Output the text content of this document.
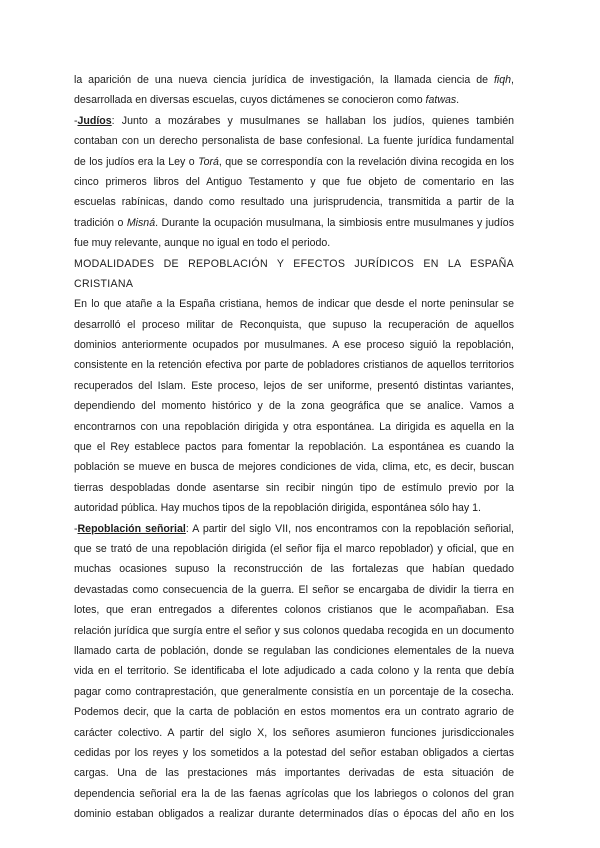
la aparición de una nueva ciencia jurídica de investigación, la llamada ciencia de fiqh,
desarrollada en diversas escuelas, cuyos dictámenes se conocieron como fatwas.
-Judíos: Junto a mozárabes y musulmanes se hallaban los judíos, quienes también
contaban con un derecho personalista de base confesional. La fuente jurídica fundamental
de los judíos era la Ley o Torá, que se correspondía con la revelación divina recogida en los
cinco primeros libros del Antiguo Testamento y que fue objeto de comentario en las
escuelas rabínicas, dando como resultado una jurisprudencia, transmitida a partir de la
tradición o Misná. Durante la ocupación musulmana, la simbiosis entre musulmanes y judíos
fue muy relevante, aunque no igual en todo el periodo.
MODALIDADES DE REPOBLACIÓN Y EFECTOS JURÍDICOS EN LA ESPAÑA
CRISTIANA
En lo que atañe a la España cristiana, hemos de indicar que desde el norte peninsular se
desarrolló el proceso militar de Reconquista, que supuso la recuperación de aquellos
dominios anteriormente ocupados por musulmanes. A ese proceso siguió la repoblación,
consistente en la retención efectiva por parte de pobladores cristianos de aquellos territorios
recuperados del Islam. Este proceso, lejos de ser uniforme, presentó distintas variantes,
dependiendo del momento histórico y de la zona geográfica que se analice. Vamos a
encontrarnos con una repoblación dirigida y otra espontánea. La dirigida es aquella en la
que el Rey establece pactos para fomentar la repoblación. La espontánea es cuando la
población se mueve en busca de mejores condiciones de vida, clima, etc, es decir, buscan
tierras despobladas donde asentarse sin recibir ningún tipo de estímulo previo por la
autoridad pública. Hay muchos tipos de la repoblación dirigida, espontánea sólo hay 1.
-Repoblación señorial: A partir del siglo VII, nos encontramos con la repoblación señorial,
que se trató de una repoblación dirigida (el señor fija el marco repoblador) y oficial, que en
muchas ocasiones supuso la reconstrucción de las fortalezas que habían quedado
devastadas como consecuencia de la guerra. El señor se encargaba de dividir la tierra en
lotes, que eran entregados a diferentes colonos cristianos que le acompañaban. Esa
relación jurídica que surgía entre el señor y sus colonos quedaba recogida en un documento
llamado carta de población, donde se regulaban las condiciones elementales de la nueva
vida en el territorio. Se identificaba el lote adjudicado a cada colono y la renta que debía
pagar como contraprestación, que generalmente consistía en un porcentaje de la cosecha.
Podemos decir, que la carta de población en estos momentos era un contrato agrario de
carácter colectivo. A partir del siglo X, los señores asumieron funciones jurisdiccionales
cedidas por los reyes y los sometidos a la potestad del señor estaban obligados a ciertas
cargas. Una de las prestaciones más importantes derivadas de esta situación de
dependencia señorial era la de las faenas agrícolas que los labriegos o colonos del gran
dominio estaban obligados a realizar durante determinados días o épocas del año en los
